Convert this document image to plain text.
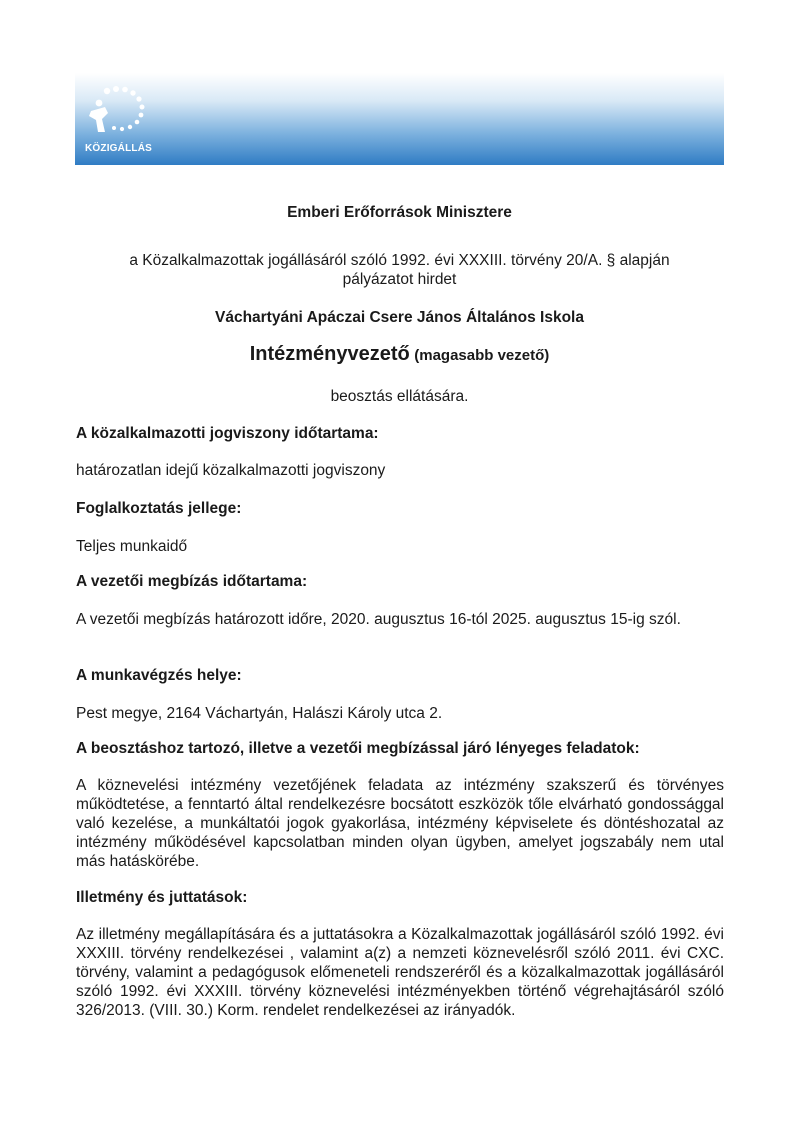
KÖZIGÁLLÁS
Emberi Erőforrások Minisztere
a Közalkalmazottak jogállásáról szóló 1992. évi XXXIII. törvény 20/A. § alapján
pályázatot hirdet
Váchartyáni Apáczai Csere János Általános Iskola
Intézményvezető (magasabb vezető)
beosztás ellátására.
A közalkalmazotti jogviszony időtartama:
határozatlan idejű közalkalmazotti jogviszony
Foglalkoztatás jellege:
Teljes munkaidő
A vezetői megbízás időtartama:
A vezetői megbízás határozott időre, 2020. augusztus 16-tól 2025. augusztus 15-ig szól.
A munkavégzés helye:
Pest megye, 2164 Váchartyán, Halászi Károly utca 2.
A beosztáshoz tartozó, illetve a vezetői megbízással járó lényeges feladatok:
A köznevelési intézmény vezetőjének feladata az intézmény szakszerű és törvényes működtetése, a fenntartó által rendelkezésre bocsátott eszközök tőle elvárható gondossággal való kezelése, a munkáltatói jogok gyakorlása, intézmény képviselete és döntéshozatal az intézmény működésével kapcsolatban minden olyan ügyben, amelyet jogszabály nem utal más hatáskörébe.
Illetmény és juttatások:
Az illetmény megállapítására és a juttatásokra a Közalkalmazottak jogállásáról szóló 1992. évi XXXIII. törvény rendelkezései , valamint a(z) a nemzeti köznevelésről szóló 2011. évi CXC. törvény, valamint a pedagógusok előmeneteli rendszeréről és a közalkalmazottak jogállásáról szóló 1992. évi XXXIII. törvény köznevelési intézményekben történő végrehajtásáról szóló 326/2013. (VIII. 30.) Korm. rendelet rendelkezései az irányadók.
